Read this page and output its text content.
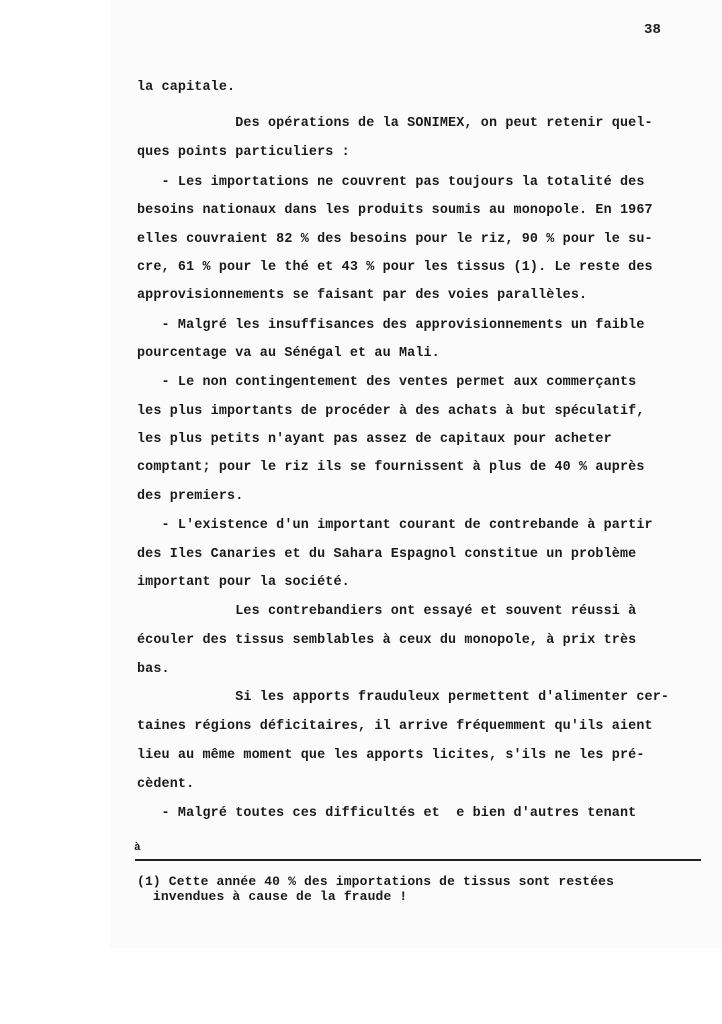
38
la capitale.
Des opérations de la SONIMEX, on peut retenir quel-
ques points particuliers :
- Les importations ne couvrent pas toujours la totalité des
besoins nationaux dans les produits soumis au monopole. En 1967
elles couvraient 82 % des besoins pour le riz, 90 % pour le su-
cre, 61 % pour le thé et 43 % pour les tissus (1). Le reste des
approvisionnements se faisant par des voies parallèles.
- Malgré les insuffisances des approvisionnements un faible
pourcentage va au Sénégal et au Mali.
- Le non contingentement des ventes permet aux commerçants
les plus importants de procéder à des achats à but spéculatif,
les plus petits n'ayant pas assez de capitaux pour acheter
comptant; pour le riz ils se fournissent à plus de 40 % auprès
des premiers.
- L'existence d'un important courant de contrebande à partir
des Iles Canaries et du Sahara Espagnol constitue un problème
important pour la société.
Les contrebandiers ont essayé et souvent réussi à
écouler des tissus semblables à ceux du monopole, à prix très
bas.
Si les apports frauduleux permettent d'alimenter cer-
taines régions déficitaires, il arrive fréquemment qu'ils aient
lieu au même moment que les apports licites, s'ils ne les pré-
cèdent.
- Malgré toutes ces difficultés et  e bien d'autres tenant
à
(1) Cette année 40 % des importations de tissus sont restées
invendues à cause de la fraude !
